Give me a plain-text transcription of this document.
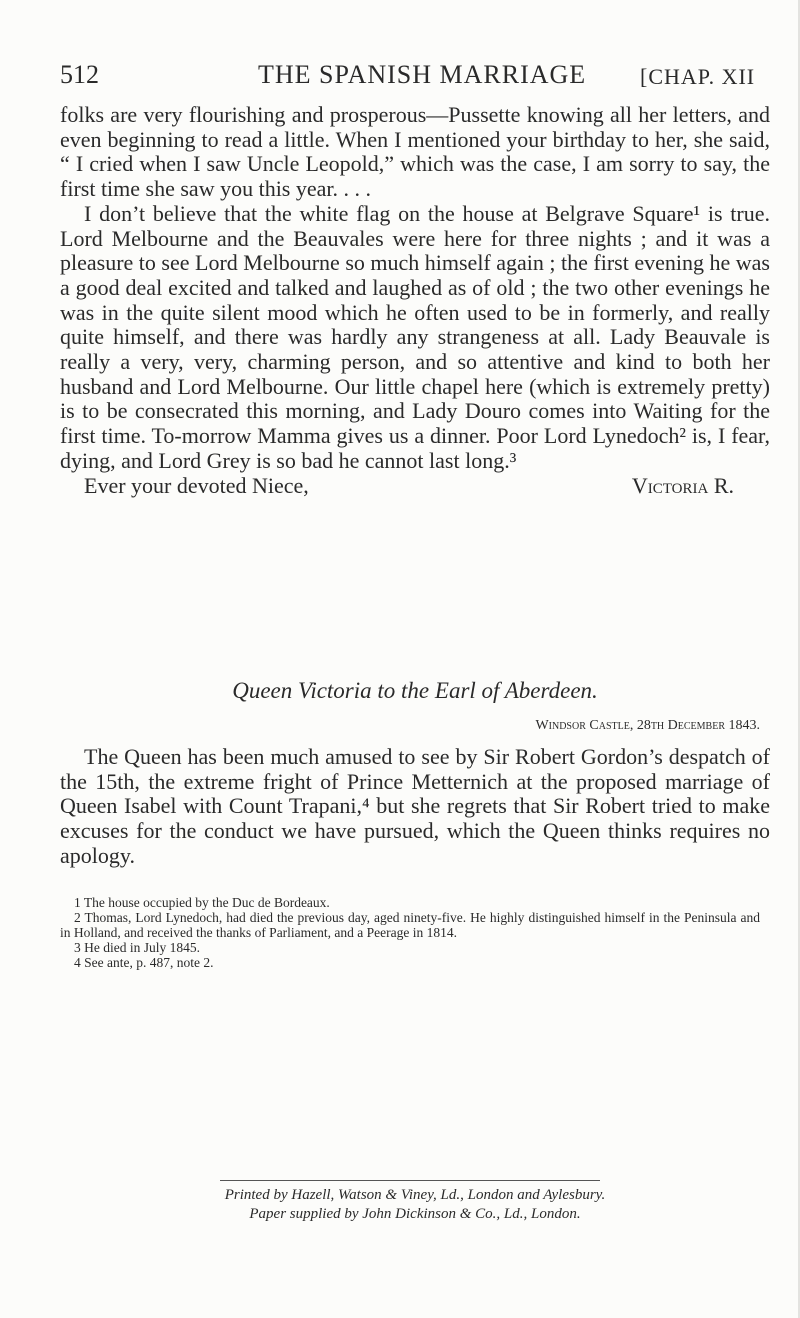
512	THE SPANISH MARRIAGE [CHAP. XII

folks are very flourishing and prosperous—Pussette knowing all her letters, and even beginning to read a little. When I mentioned your birthday to her, she said, “ I cried when I saw Uncle Leopold,” which was the case, I am sorry to say, the first time she saw you this year. . . .

I don’t believe that the white flag on the house at Belgrave Square¹ is true. Lord Melbourne and the Beauvales were here for three nights ; and it was a pleasure to see Lord Melbourne so much himself again ; the first evening he was a good deal excited and talked and laughed as of old ; the two other evenings he was in the quite silent mood which he often used to be in formerly, and really quite himself, and there was hardly any strangeness at all. Lady Beauvale is really a very, very, charming person, and so attentive and kind to both her husband and Lord Melbourne. Our little chapel here (which is extremely pretty) is to be consecrated this morning, and Lady Douro comes into Waiting for the first time. To-morrow Mamma gives us a dinner. Poor Lord Lynedoch² is, I fear, dying, and Lord Grey is so bad he cannot last long.³

Ever your devoted Niece,	Victoria R.
Queen Victoria to the Earl of Aberdeen.
Windsor Castle, 28th December 1843.

The Queen has been much amused to see by Sir Robert Gordon’s despatch of the 15th, the extreme fright of Prince Metternich at the proposed marriage of Queen Isabel with Count Trapani,⁴ but she regrets that Sir Robert tried to make excuses for the conduct we have pursued, which the Queen thinks requires no apology.

1 The house occupied by the Duc de Bordeaux.

2 Thomas, Lord Lynedoch, had died the previous day, aged ninety-five. He highly distinguished himself in the Peninsula and in Holland, and received the thanks of Parliament, and a Peerage in 1814.

3 He died in July 1845.

4 See ante, p. 487, note 2.

Printed by Hazell, Watson & Viney, Ld., London and Aylesbury.
Paper supplied by John Dickinson & Co., Ld., London.
